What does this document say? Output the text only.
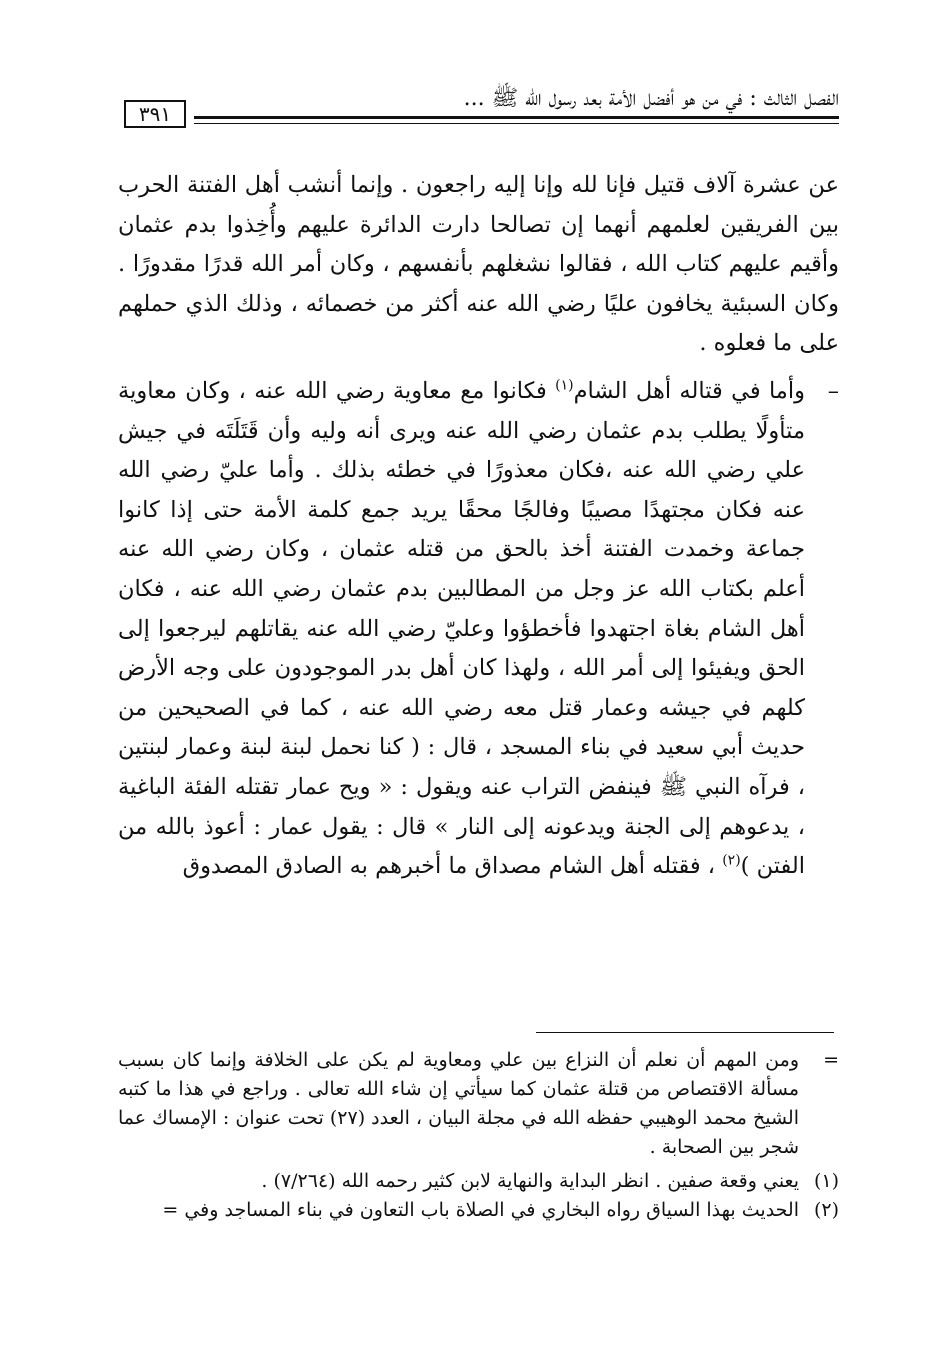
الفصل الثالث : في من هو أفضل الأمة بعد رسول الله ﷺ ...
٣٩١

عن عشرة آلاف قتيل فإنا لله وإنا إليه راجعون . وإنما أنشب أهل الفتنة الحرب بين الفريقين لعلمهم أنهما إن تصالحا دارت الدائرة عليهم وأُخِذوا بدم عثمان وأقيم عليهم كتاب الله ، فقالوا نشغلهم بأنفسهم ، وكان أمر الله قدرًا مقدورًا . وكان السبئية يخافون عليًا رضي الله عنه أكثر من خصمائه ، وذلك الذي حملهم على ما فعلوه .

–
وأما في قتاله أهل الشام$^{(١)}$ فكانوا مع معاوية رضي الله عنه ، وكان معاوية متأولًا يطلب بدم عثمان رضي الله عنه ويرى أنه وليه وأن قَتَلَتَه في جيش علي رضي الله عنه ،فكان معذورًا في خطئه بذلك . وأما عليّ رضي الله عنه فكان مجتهدًا مصيبًا وفالجًا محقًا يريد جمع كلمة الأمة حتى إذا كانوا جماعة وخمدت الفتنة أخذ بالحق من قتله عثمان ، وكان رضي الله عنه أعلم بكتاب الله عز وجل من المطالبين بدم عثمان رضي الله عنه ، فكان أهل الشام بغاة اجتهدوا فأخطؤوا وعليّ رضي الله عنه يقاتلهم ليرجعوا إلى الحق ويفيئوا إلى أمر الله ، ولهذا كان أهل بدر الموجودون على وجه الأرض كلهم في جيشه وعمار قتل معه رضي الله عنه ، كما في الصحيحين من حديث أبي سعيد في بناء المسجد ، قال : ( كنا نحمل لبنة لبنة وعمار لبنتين ، فرآه النبي ﷺ فينفض التراب عنه ويقول : « ويح عمار تقتله الفئة الباغية ، يدعوهم إلى الجنة ويدعونه إلى النار » قال : يقول عمار : أعوذ بالله من الفتن )$^{(٢)}$ ، فقتله أهل الشام مصداق ما أخبرهم به الصادق المصدوق

=
ومن المهم أن نعلم أن النزاع بين علي ومعاوية لم يكن على الخلافة وإنما كان بسبب مسألة الاقتصاص من قتلة عثمان كما سيأتي إن شاء الله تعالى . وراجع في هذا ما كتبه الشيخ محمد الوهيبي حفظه الله في مجلة البيان ، العدد (٢٧) تحت عنوان : الإمساك عما شجر بين الصحابة .

(١)
يعني وقعة صفين . انظر البداية والنهاية لابن كثير رحمه الله (٧/٢٦٤) .

(٢)
الحديث بهذا السياق رواه البخاري في الصلاة باب التعاون في بناء المساجد وفي =
